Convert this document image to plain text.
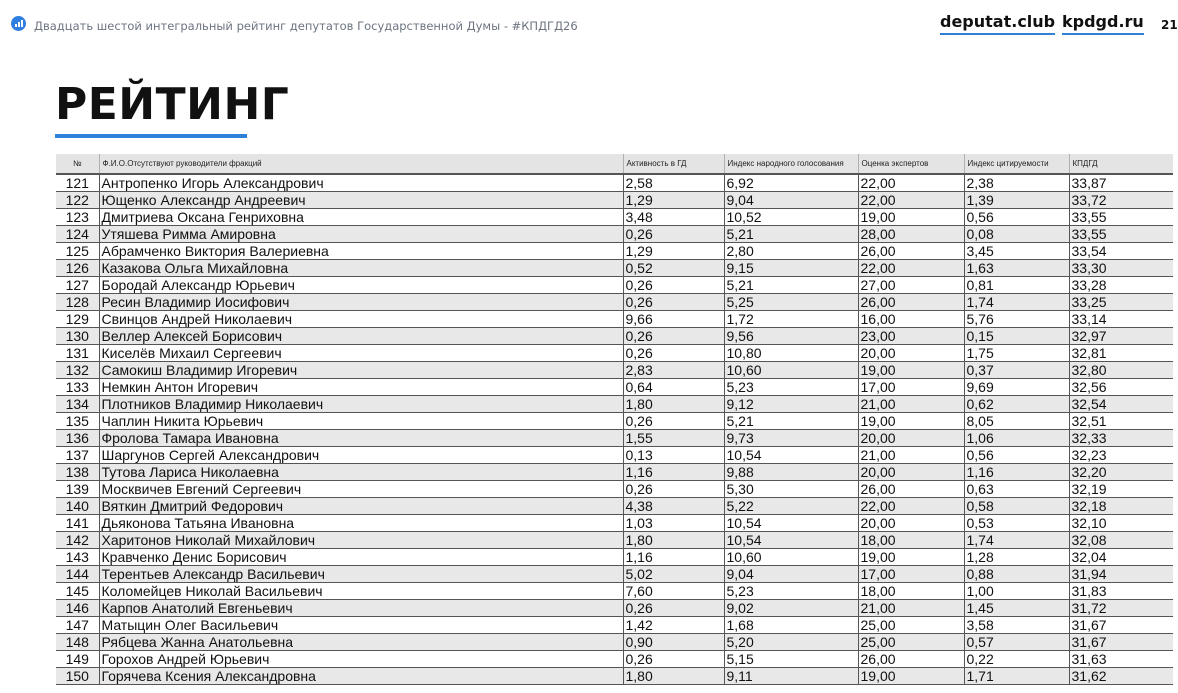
Двадцать шестой интегральный рейтинг депутатов Государственной Думы - #КПДГД26	deputat.club kpdgd.ru 21
РЕЙТИНГ
№	Ф.И.О.Отсутствуют руководители фракций	Активность в ГД	Индекс народного голосования	Оценка экспертов	Индекс цитируемости	КПДГД
121	Антропенко Игорь Александрович	2,58	6,92	22,00	2,38	33,87
122	Ющенко Александр Андреевич	1,29	9,04	22,00	1,39	33,72
123	Дмитриева Оксана Генриховна	3,48	10,52	19,00	0,56	33,55
124	Утяшева Римма Амировна	0,26	5,21	28,00	0,08	33,55
125	Абрамченко Виктория Валериевна	1,29	2,80	26,00	3,45	33,54
126	Казакова Ольга Михайловна	0,52	9,15	22,00	1,63	33,30
127	Бородай Александр Юрьевич	0,26	5,21	27,00	0,81	33,28
128	Ресин Владимир Иосифович	0,26	5,25	26,00	1,74	33,25
129	Свинцов Андрей Николаевич	9,66	1,72	16,00	5,76	33,14
130	Веллер Алексей Борисович	0,26	9,56	23,00	0,15	32,97
131	Киселёв Михаил Сергеевич	0,26	10,80	20,00	1,75	32,81
132	Самокиш Владимир Игоревич	2,83	10,60	19,00	0,37	32,80
133	Немкин Антон Игоревич	0,64	5,23	17,00	9,69	32,56
134	Плотников Владимир Николаевич	1,80	9,12	21,00	0,62	32,54
135	Чаплин Никита Юрьевич	0,26	5,21	19,00	8,05	32,51
136	Фролова Тамара Ивановна	1,55	9,73	20,00	1,06	32,33
137	Шаргунов Сергей Александрович	0,13	10,54	21,00	0,56	32,23
138	Тутова Лариса Николаевна	1,16	9,88	20,00	1,16	32,20
139	Москвичев Евгений Сергеевич	0,26	5,30	26,00	0,63	32,19
140	Вяткин Дмитрий Федорович	4,38	5,22	22,00	0,58	32,18
141	Дьяконова Татьяна Ивановна	1,03	10,54	20,00	0,53	32,10
142	Харитонов Николай Михайлович	1,80	10,54	18,00	1,74	32,08
143	Кравченко Денис Борисович	1,16	10,60	19,00	1,28	32,04
144	Терентьев Александр Васильевич	5,02	9,04	17,00	0,88	31,94
145	Коломейцев Николай Васильевич	7,60	5,23	18,00	1,00	31,83
146	Карпов Анатолий Евгеньевич	0,26	9,02	21,00	1,45	31,72
147	Матыцин Олег Васильевич	1,42	1,68	25,00	3,58	31,67
148	Рябцева Жанна Анатольевна	0,90	5,20	25,00	0,57	31,67
149	Горохов Андрей Юрьевич	0,26	5,15	26,00	0,22	31,63
150	Горячева Ксения Александровна	1,80	9,11	19,00	1,71	31,62
